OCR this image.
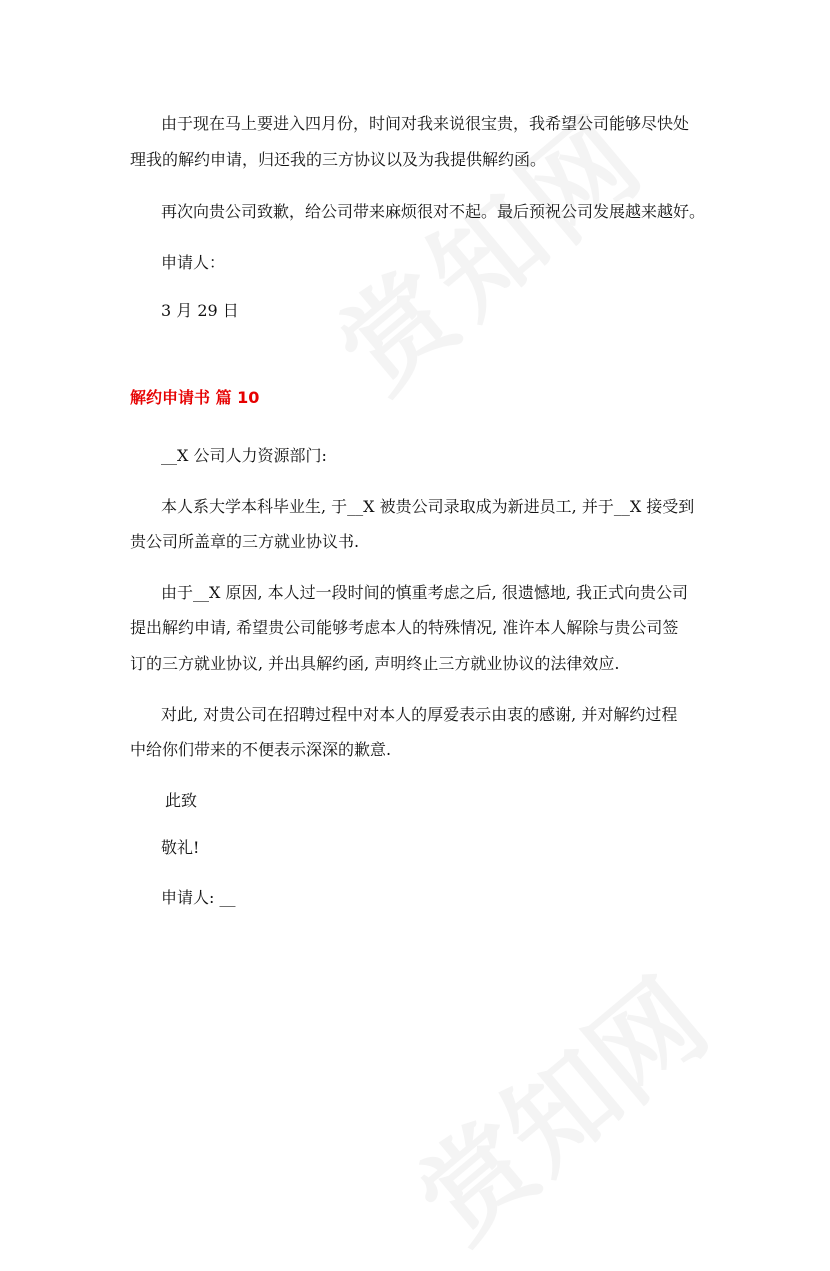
由于现在马上要进入四月份，时间对我来说很宝贵，我希望公司能够尽快处
理我的解约申请，归还我的三方协议以及为我提供解约函。
再次向贵公司致歉，给公司带来麻烦很对不起。最后预祝公司发展越来越好。
申请人：
3 月 29 日
解约申请书 篇 10
__X 公司人力资源部门:
本人系大学本科毕业生, 于__X 被贵公司录取成为新进员工, 并于__X 接受到
贵公司所盖章的三方就业协议书.
由于__X 原因, 本人过一段时间的慎重考虑之后, 很遗憾地, 我正式向贵公司
提出解约申请, 希望贵公司能够考虑本人的特殊情况, 准许本人解除与贵公司签
订的三方就业协议, 并出具解约函, 声明终止三方就业协议的法律效应.
对此, 对贵公司在招聘过程中对本人的厚爱表示由衷的感谢, 并对解约过程
中给你们带来的不便表示深深的歉意.
此致
敬礼!
申请人: __
